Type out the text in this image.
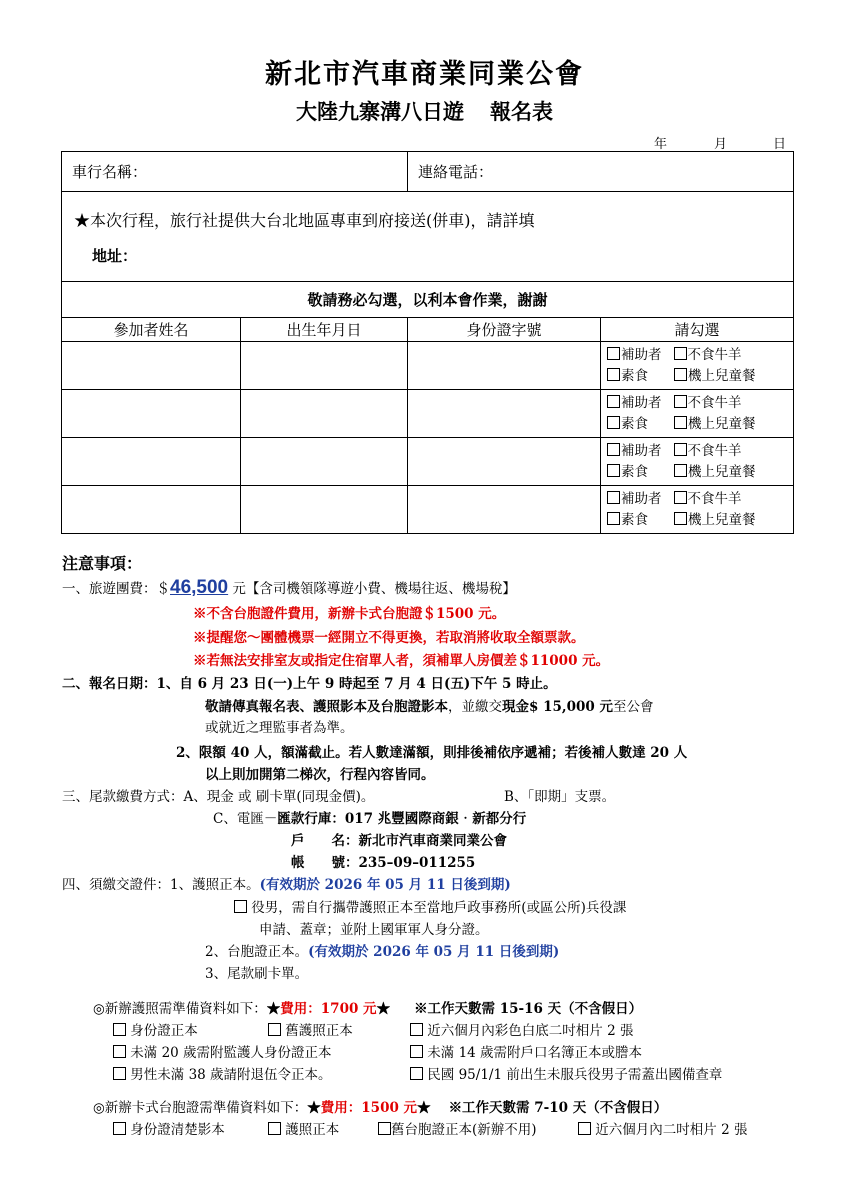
新北市汽車商業同業公會
大陸九寨溝八日遊 報名表
年	月	日
車行名稱：		連絡電話：	

★本次行程，旅行社提供大台北地區專車到府接送(併車)，請詳填
地址：			

敬請務必勾選，以利本會作業，謝謝			
參加者姓名	出生年月日	身份證字號	請勾選

			補助者 不食牛羊
素食 機上兒童餐

			補助者 不食牛羊
素食 機上兒童餐

			補助者 不食牛羊
素食 機上兒童餐

			補助者 不食牛羊
素食 機上兒童餐
注意事項：
一、旅遊團費：＄46,500 元【含司機領隊導遊小費、機場往返、機場稅】
※不含台胞證件費用，新辦卡式台胞證＄1500 元。
※提醒您～團體機票一經開立不得更換，若取消將收取全額票款。
※若無法安排室友或指定住宿單人者，須補單人房價差＄11000 元。
二、報名日期：1、自 6 月 23 日(一)上午 9 時起至 7 月 4 日(五)下午 5 時止。
敬請傳真報名表、護照影本及台胞證影本，並繳交現金$ 15,000 元至公會
或就近之理監事者為準。
2、限額 40 人，額滿截止。若人數達滿額，則排後補依序遞補；若後補人數達 20 人
以上則加開第二梯次，行程內容皆同。
三、尾款繳費方式：A、現金 或 刷卡單(同現金價)。	B、「即期」支票。
C、電匯－匯款行庫：017 兆豐國際商銀‧新都分行
戶　　名：新北市汽車商業同業公會
帳　　號：235–09–011255
四、須繳交證件：1、護照正本。(有效期於 2026 年 05 月 11 日後到期)
役男，需自行攜帶護照正本至當地戶政事務所(或區公所)兵役課
申請、蓋章；並附上國軍軍人身分證。
2、台胞證正本。(有效期於 2026 年 05 月 11 日後到期)
3、尾款刷卡單。
◎新辦護照需準備資料如下：★費用：1700 元★ ※工作天數需 15-16 天（不含假日）
身份證正本	舊護照正本	近六個月內彩色白底二吋相片 2 張
未滿 20 歲需附監護人身份證正本	未滿 14 歲需附戶口名簿正本或謄本
男性未滿 38 歲請附退伍令正本。	民國 95/1/1 前出生未服兵役男子需蓋出國備查章
◎新辦卡式台胞證需準備資料如下：★費用：1500 元★ ※工作天數需 7-10 天（不含假日）
身份證清楚影本	護照正本	舊台胞證正本(新辦不用)	近六個月內二吋相片 2 張
